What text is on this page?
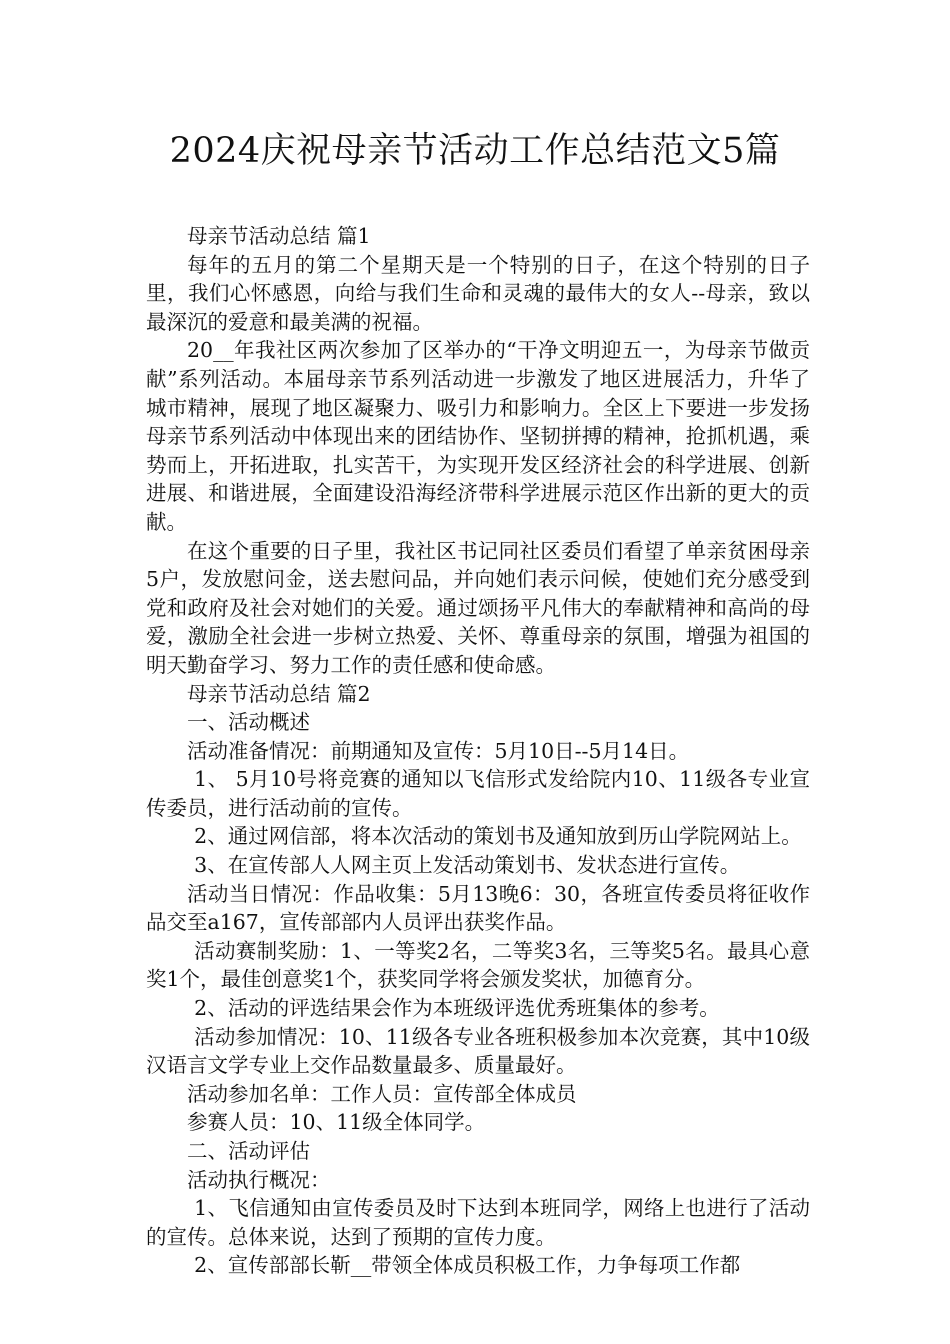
2024庆祝母亲节活动工作总结范文5篇

母亲节活动总结 篇1

每年的五月的第二个星期天是一个特别的日子，在这个特别的日子里，我们心怀感恩，向给与我们生命和灵魂的最伟大的女人--母亲，致以最深沉的爱意和最美满的祝福。

20__年我社区两次参加了区举办的“干净文明迎五一，为母亲节做贡献”系列活动。本届母亲节系列活动进一步激发了地区进展活力，升华了城市精神，展现了地区凝聚力、吸引力和影响力。全区上下要进一步发扬母亲节系列活动中体现出来的团结协作、坚韧拼搏的精神，抢抓机遇，乘势而上，开拓进取，扎实苦干，为实现开发区经济社会的科学进展、创新进展、和谐进展，全面建设沿海经济带科学进展示范区作出新的更大的贡献。

在这个重要的日子里，我社区书记同社区委员们看望了单亲贫困母亲5户，发放慰问金，送去慰问品，并向她们表示问候，使她们充分感受到党和政府及社会对她们的关爱。通过颂扬平凡伟大的奉献精神和高尚的母爱，激励全社会进一步树立热爱、关怀、尊重母亲的氛围，增强为祖国的明天勤奋学习、努力工作的责任感和使命感。

母亲节活动总结 篇2

一、活动概述

活动准备情况：前期通知及宣传：5月10日--5月14日。

1、 5月10号将竞赛的通知以飞信形式发给院内10、11级各专业宣传委员，进行活动前的宣传。

2、通过网信部，将本次活动的策划书及通知放到历山学院网站上。

3、在宣传部人人网主页上发活动策划书、发状态进行宣传。

活动当日情况：作品收集：5月13晚6：30，各班宣传委员将征收作品交至a167，宣传部部内人员评出获奖作品。

活动赛制奖励：1、一等奖2名，二等奖3名，三等奖5名。最具心意奖1个，最佳创意奖1个，获奖同学将会颁发奖状，加德育分。

2、活动的评选结果会作为本班级评选优秀班集体的参考。

活动参加情况：10、11级各专业各班积极参加本次竞赛，其中10级汉语言文学专业上交作品数量最多、质量最好。

活动参加名单：工作人员：宣传部全体成员

参赛人员：10、11级全体同学。

二、活动评估

活动执行概况：

1、飞信通知由宣传委员及时下达到本班同学，网络上也进行了活动的宣传。总体来说，达到了预期的宣传力度。

2、宣传部部长靳__带领全体成员积极工作，力争每项工作都
